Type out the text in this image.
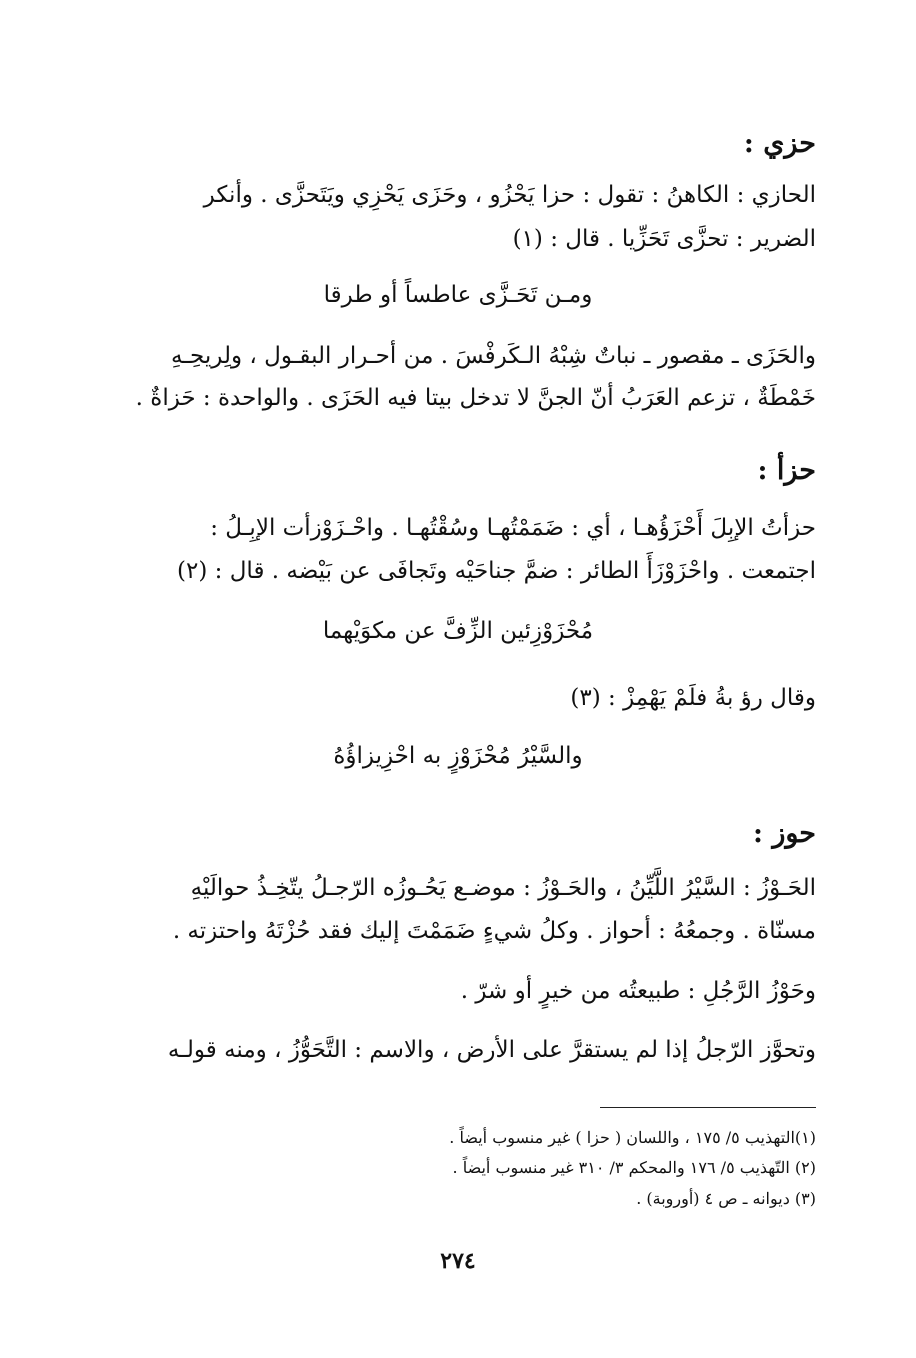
حزي :
الحازي : الكاهنُ : تقول : حزا يَحْزُو ، وحَزَى يَحْزِي ويَتَحزَّى . وأنكر
الضرير : تحزَّى تَحَزِّيا . قال : (١)
ومـن تَحَـزَّى عاطساً أو طرقا
والحَزَى ـ مقصور ـ نباتٌ شِبْهُ الـكَرفْسَ . من أحـرار البقـول ، ولِريحِـهِ
خَمْطَةٌ ، تزعم العَرَبُ أنّ الجنَّ لا تدخل بيتا فيه الحَزَى . والواحدة : حَزاةٌ .
حزأ :
حزأتُ الإبِلَ أَحْزَؤُهـا ، أي : ضَمَمْتُهـا وسُقْتُهـا . واحْـزَوْزأت الإبِـلُ :
اجتمعت . واحْزَوْزَأَ الطائر : ضمَّ جناحَيْه وتَجافَى عن بَيْضه . قال : (٢)
مُحْزَوْزِئين الزِّفَّ عن مكوَيْهما
وقال رؤ بةُ فلَمْ يَهْمِزْ : (٣)
والسَّيْرُ مُحْزَوْزٍ به احْزِيزاؤُهُ
حوز :
الحَـوْزُ : السَّيْرُ اللَّيِّنُ ، والحَـوْزُ : موضـع يَحُـوزُه الرّجـلُ يتّخِـذُ حوالَيْهِ
مسنّاة . وجمعُهُ : أحواز . وكلُ شيءٍ ضَمَمْتَ إليك فقد حُزْتَهُ واحتزته .
وحَوْزُ الرَّجُلِ : طبيعتُه من خيرٍ أو شرّ .
وتحوَّز الرّجلُ إذا لم يستقرَّ على الأرض ، والاسم : التَّحَوُّزُ ، ومنه قولـه
(١)التهذيب ٥/ ١٧٥ ، واللسان ( حزا ) غير منسوب أيضاً .
(٢) التّهذيب ٥/ ١٧٦ والمحكم ٣/ ٣١٠ غير منسوب أيضاً .
(٣) ديوانه ـ ص ٤ (أوروبة) .
٢٧٤
